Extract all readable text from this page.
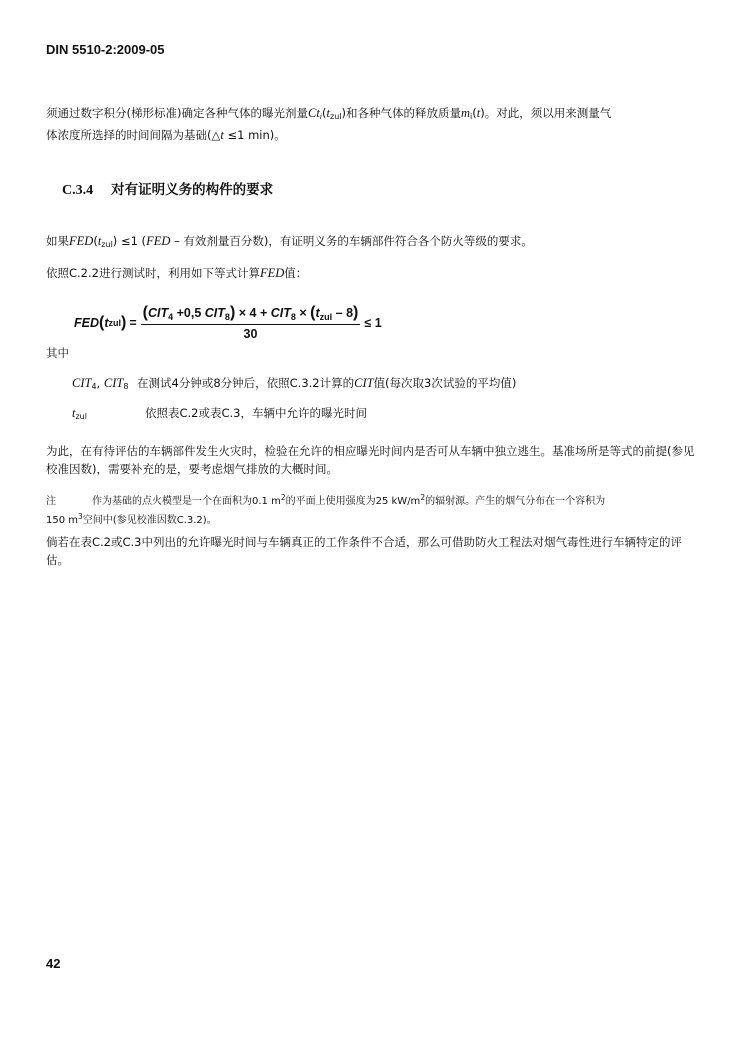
DIN 5510-2:2009-05
须通过数字积分(梯形标准)确定各种气体的曝光剂量$Ct_i(t_{zul})$和各种气体的释放质量$m_i(t)$。对此，须以用来测量气
体浓度所选择的时间间隔为基础(△t ≤1 min)。
C.3.4 对有证明义务的构件的要求
如果$FED(t_{zul}) \le 1$ (FED – 有效剂量百分数)，有证明义务的车辆部件符合各个防火等级的要求。
依照C.2.2进行测试时，利用如下等式计算FED值：
FED ( t zul ) = $\frac{(CIT_4 +0,5 CIT_8) \times 4 + CIT_8 \times (t_{zul} - 8)}{30} \le 1$
其中
$CIT_4$, $CIT_8$ 在测试4分钟或8分钟后，依照C.3.2计算的CIT值(每次取3次试验的平均值)
$t_{zul}$	依照表C.2或表C.3，车辆中允许的曝光时间
为此，在有待评估的车辆部件发生火灾时，检验在允许的相应曝光时间内是否可从车辆中独立逃生。基准场所是等式的前提(参见校准因数)，需要补充的是，要考虑烟气排放的大概时间。
注	作为基础的点火模型是一个在面积为0.1 $m^2$的平面上使用强度为25 $kW/m^2$的辐射源。产生的烟气分布在一个容积为
150 $m^3$空间中(参见校准因数C.3.2)。
倘若在表C.2或C.3中列出的允许曝光时间与车辆真正的工作条件不合适，那么可借助防火工程法对烟气毒性进行车辆特定的评估。
42
